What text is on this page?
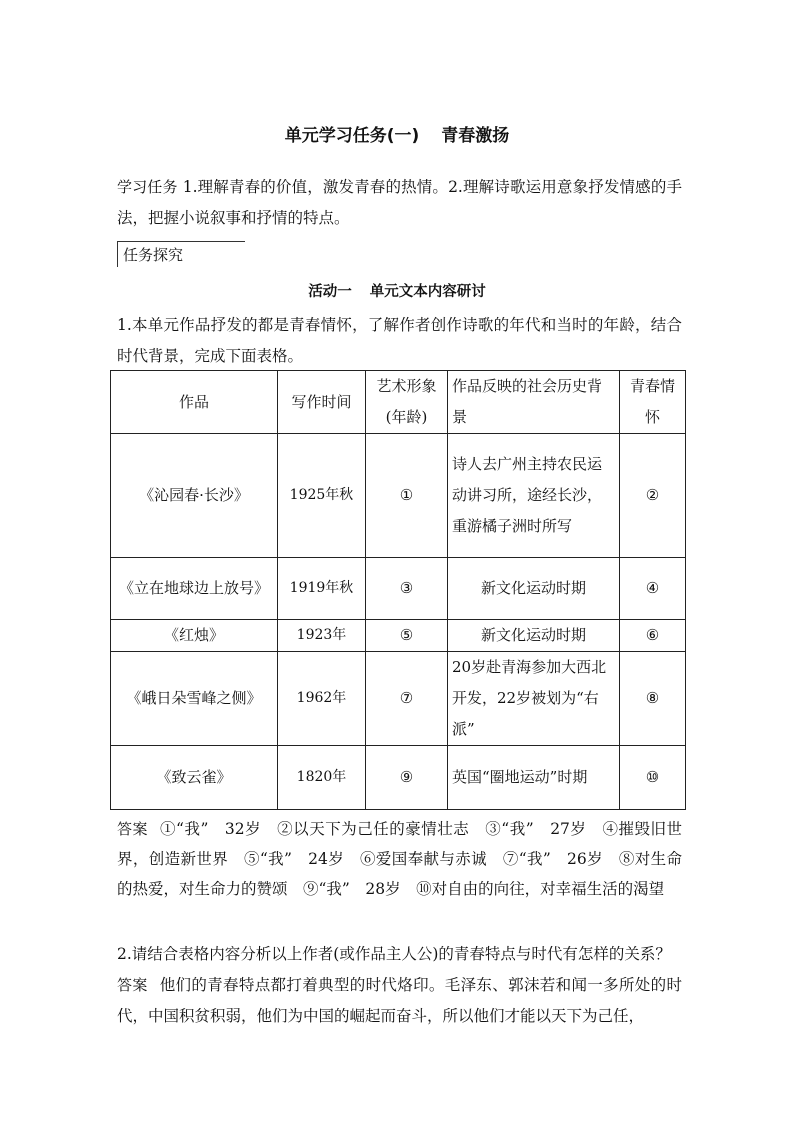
单元学习任务(一) 青春激扬
学习任务 1.理解青春的价值，激发青春的热情。2.理解诗歌运用意象抒发情感的手法，把握小说叙事和抒情的特点。
任务探究
活动一 单元文本内容研讨
1.本单元作品抒发的都是青春情怀，了解作者创作诗歌的年代和当时的年龄，结合时代背景，完成下面表格。
作品	写作时间	艺术形象(年龄)	作品反映的社会历史背景	青春情怀
《沁园春·长沙》	1925年秋	①	诗人去广州主持农民运动讲习所，途经长沙，重游橘子洲时所写	②
《立在地球边上放号》	1919年秋	③	新文化运动时期	④
《红烛》	1923年	⑤	新文化运动时期	⑥
《峨日朵雪峰之侧》	1962年	⑦	20岁赴青海参加大西北开发，22岁被划为“右派”	⑧
《致云雀》	1820年	⑨	英国“圈地运动”时期	⑩
答案 ①“我”　32岁　②以天下为己任的豪情壮志　③“我”　27岁　④摧毁旧世界，创造新世界　⑤“我”　24岁　⑥爱国奉献与赤诚　⑦“我”　26岁　⑧对生命的热爱，对生命力的赞颂　⑨“我”　28岁　⑩对自由的向往，对幸福生活的渴望
2.请结合表格内容分析以上作者(或作品主人公)的青春特点与时代有怎样的关系？
答案 他们的青春特点都打着典型的时代烙印。毛泽东、郭沫若和闻一多所处的时代，中国积贫积弱，他们为中国的崛起而奋斗，所以他们才能以天下为己任，
